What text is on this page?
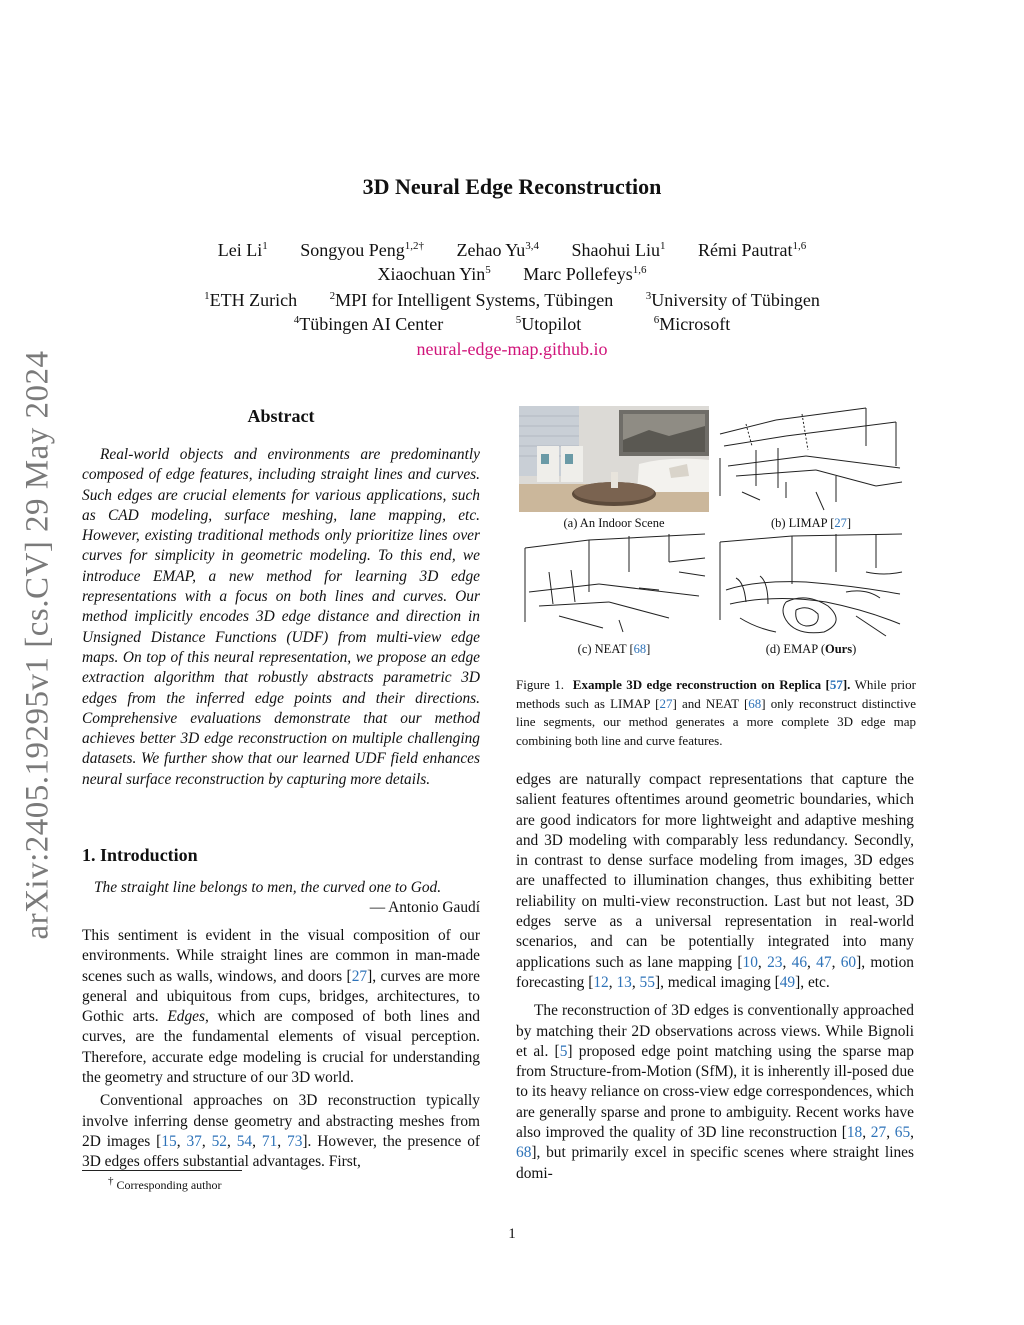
arXiv:2405.19295v1 [cs.CV] 29 May 2024
3D Neural Edge Reconstruction
Lei Li$^1$ Songyou Peng$^{1,2\dagger}$ Zehao Yu$^{3,4}$ Shaohui Liu$^1$ Rémi Pautrat$^{1,6}$
Xiaochuan Yin$^5$ Marc Pollefeys$^{1,6}$
$^1$ETH Zurich	$^2$MPI for Intelligent Systems, Tübingen	$^3$University of Tübingen
$^4$Tübingen AI Center	$^5$Utopilot	$^6$Microsoft
neural-edge-map.github.io
Abstract

Real-world objects and environments are predominantly composed of edge features, including straight lines and curves. Such edges are crucial elements for various applications, such as CAD modeling, surface meshing, lane mapping, etc. However, existing traditional methods only prioritize lines over curves for simplicity in geometric modeling. To this end, we introduce EMAP, a new method for learning 3D edge representations with a focus on both lines and curves. Our method implicitly encodes 3D edge distance and direction in Unsigned Distance Functions (UDF) from multi-view edge maps. On top of this neural representation, we propose an edge extraction algorithm that robustly abstracts parametric 3D edges from the inferred edge points and their directions. Comprehensive evaluations demonstrate that our method achieves better 3D edge reconstruction on multiple challenging datasets. We further show that our learned UDF field enhances neural surface reconstruction by capturing more details.

1. Introduction
The straight line belongs to men, the curved one to God.
— Antonio Gaudí

This sentiment is evident in the visual composition of our environments. While straight lines are common in man-made scenes such as walls, windows, and doors [27], curves are more general and ubiquitous from cups, bridges, architectures, to Gothic arts. Edges, which are composed of both lines and curves, are the fundamental elements of visual perception. Therefore, accurate edge modeling is crucial for understanding the geometry and structure of our 3D world.

Conventional approaches on 3D reconstruction typically involve inferring dense geometry and abstracting meshes from 2D images [15, 37, 52, 54, 71, 73]. However, the presence of 3D edges offers substantial advantages. First,

† Corresponding author
(a) An Indoor Scene	(b) LIMAP [27]
(c) NEAT [68]	(d) EMAP (Ours)
Figure 1. Example 3D edge reconstruction on Replica [57]. While prior methods such as LIMAP [27] and NEAT [68] only reconstruct distinctive line segments, our method generates a more complete 3D edge map combining both line and curve features.

edges are naturally compact representations that capture the salient features oftentimes around geometric boundaries, which are good indicators for more lightweight and adaptive meshing and 3D modeling with comparably less redundancy. Secondly, in contrast to dense surface modeling from images, 3D edges are unaffected to illumination changes, thus exhibiting better reliability on multi-view reconstruction. Last but not least, 3D edges serve as a universal representation in real-world scenarios, and can be potentially integrated into many applications such as lane mapping [10, 23, 46, 47, 60], motion forecasting [12, 13, 55], medical imaging [49], etc.

The reconstruction of 3D edges is conventionally approached by matching their 2D observations across views. While Bignoli et al. [5] proposed edge point matching using the sparse map from Structure-from-Motion (SfM), it is inherently ill-posed due to its heavy reliance on cross-view edge correspondences, which are generally sparse and prone to ambiguity. Recent works have also improved the quality of 3D line reconstruction [18, 27, 65, 68], but primarily excel in specific scenes where straight lines domi-

1
